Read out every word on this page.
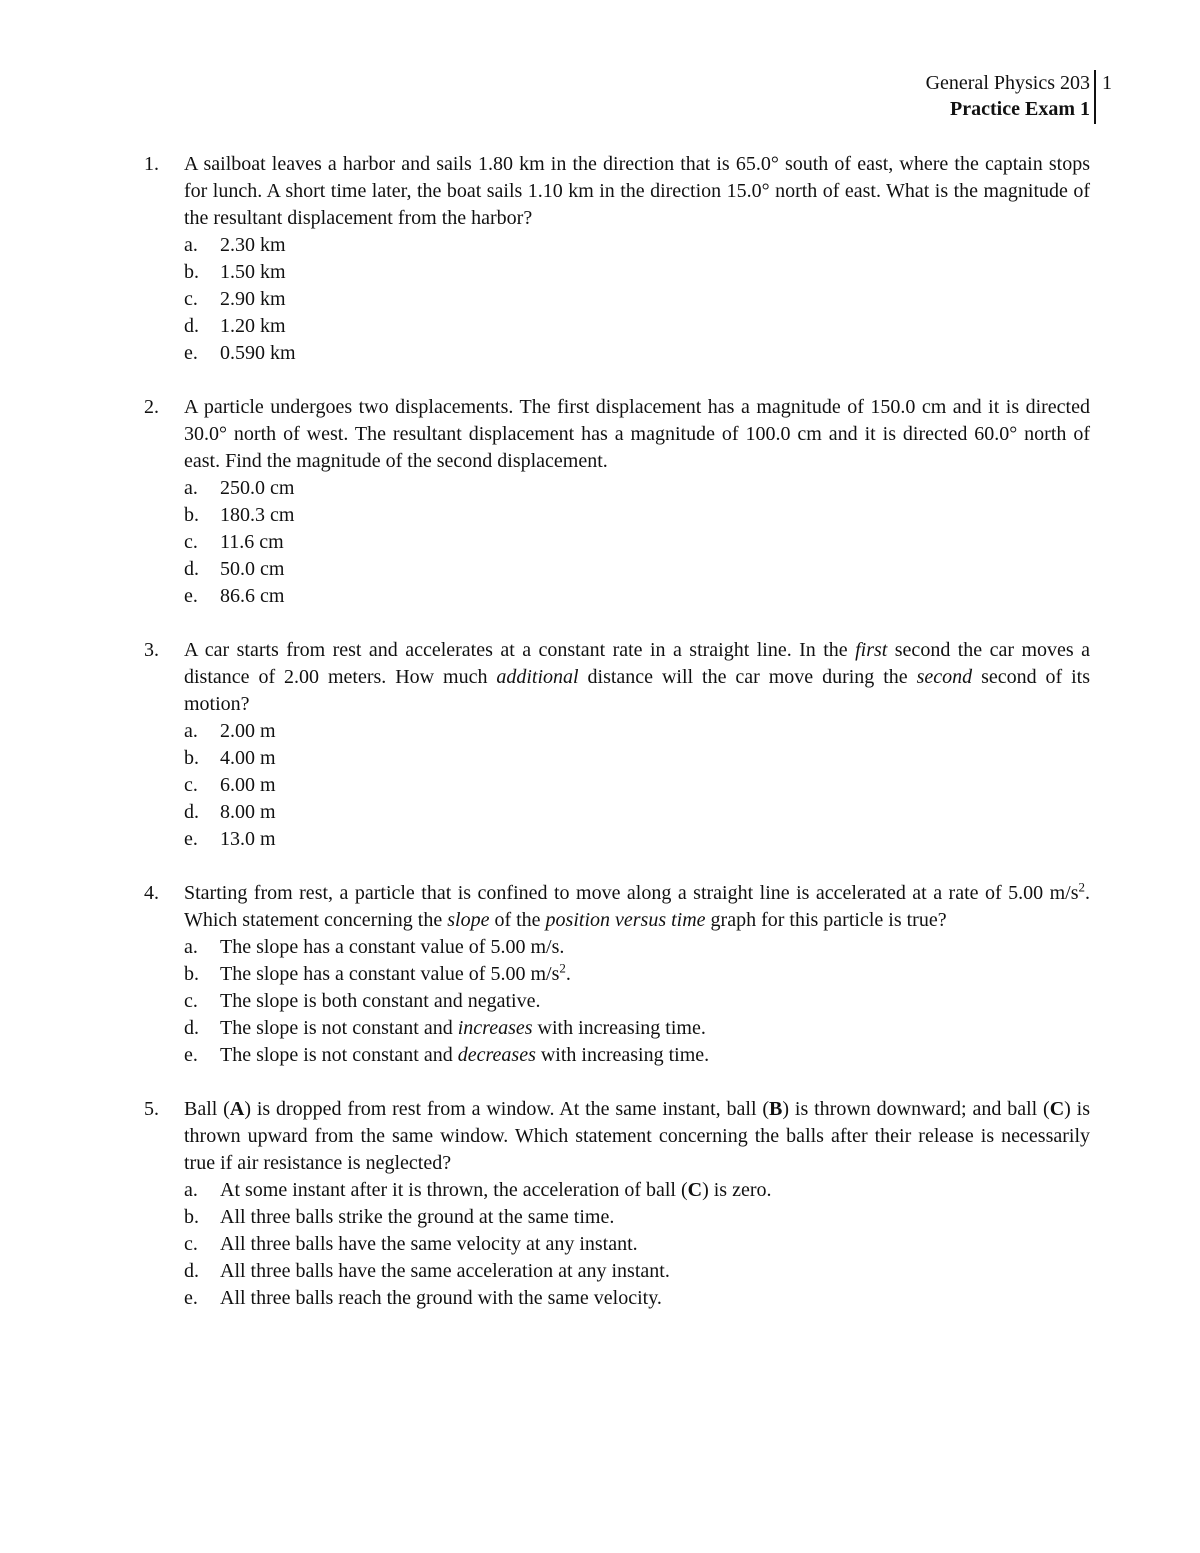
General Physics 203
Practice Exam 1
1
1.	A sailboat leaves a harbor and sails 1.80 km in the direction that is 65.0° south of east, where the captain stops for lunch. A short time later, the boat sails 1.10 km in the direction 15.0° north of east. What is the magnitude of the resultant displacement from the harbor?
a. 2.30 km
b. 1.50 km
c. 2.90 km
d. 1.20 km
e. 0.590 km
2.	A particle undergoes two displacements. The first displacement has a magnitude of 150.0 cm and it is directed 30.0° north of west. The resultant displacement has a magnitude of 100.0 cm and it is directed 60.0° north of east. Find the magnitude of the second displacement.
a. 250.0 cm
b. 180.3 cm
c. 11.6 cm
d. 50.0 cm
e. 86.6 cm
3.	A car starts from rest and accelerates at a constant rate in a straight line. In the first second the car moves a distance of 2.00 meters. How much additional distance will the car move during the second second of its motion?
a. 2.00 m
b. 4.00 m
c. 6.00 m
d. 8.00 m
e. 13.0 m
4.	Starting from rest, a particle that is confined to move along a straight line is accelerated at a rate of 5.00 $m/s^2$. Which statement concerning the slope of the position versus time graph for this particle is true?
a. The slope has a constant value of 5.00 m/s.
b. The slope has a constant value of 5.00 $m/s^2$.
c. The slope is both constant and negative.
d. The slope is not constant and increases with increasing time.
e. The slope is not constant and decreases with increasing time.
5.	Ball (A) is dropped from rest from a window. At the same instant, ball (B) is thrown downward; and ball (C) is thrown upward from the same window. Which statement concerning the balls after their release is necessarily true if air resistance is neglected?
a. At some instant after it is thrown, the acceleration of ball (C) is zero.
b. All three balls strike the ground at the same time.
c. All three balls have the same velocity at any instant.
d. All three balls have the same acceleration at any instant.
e. All three balls reach the ground with the same velocity.
